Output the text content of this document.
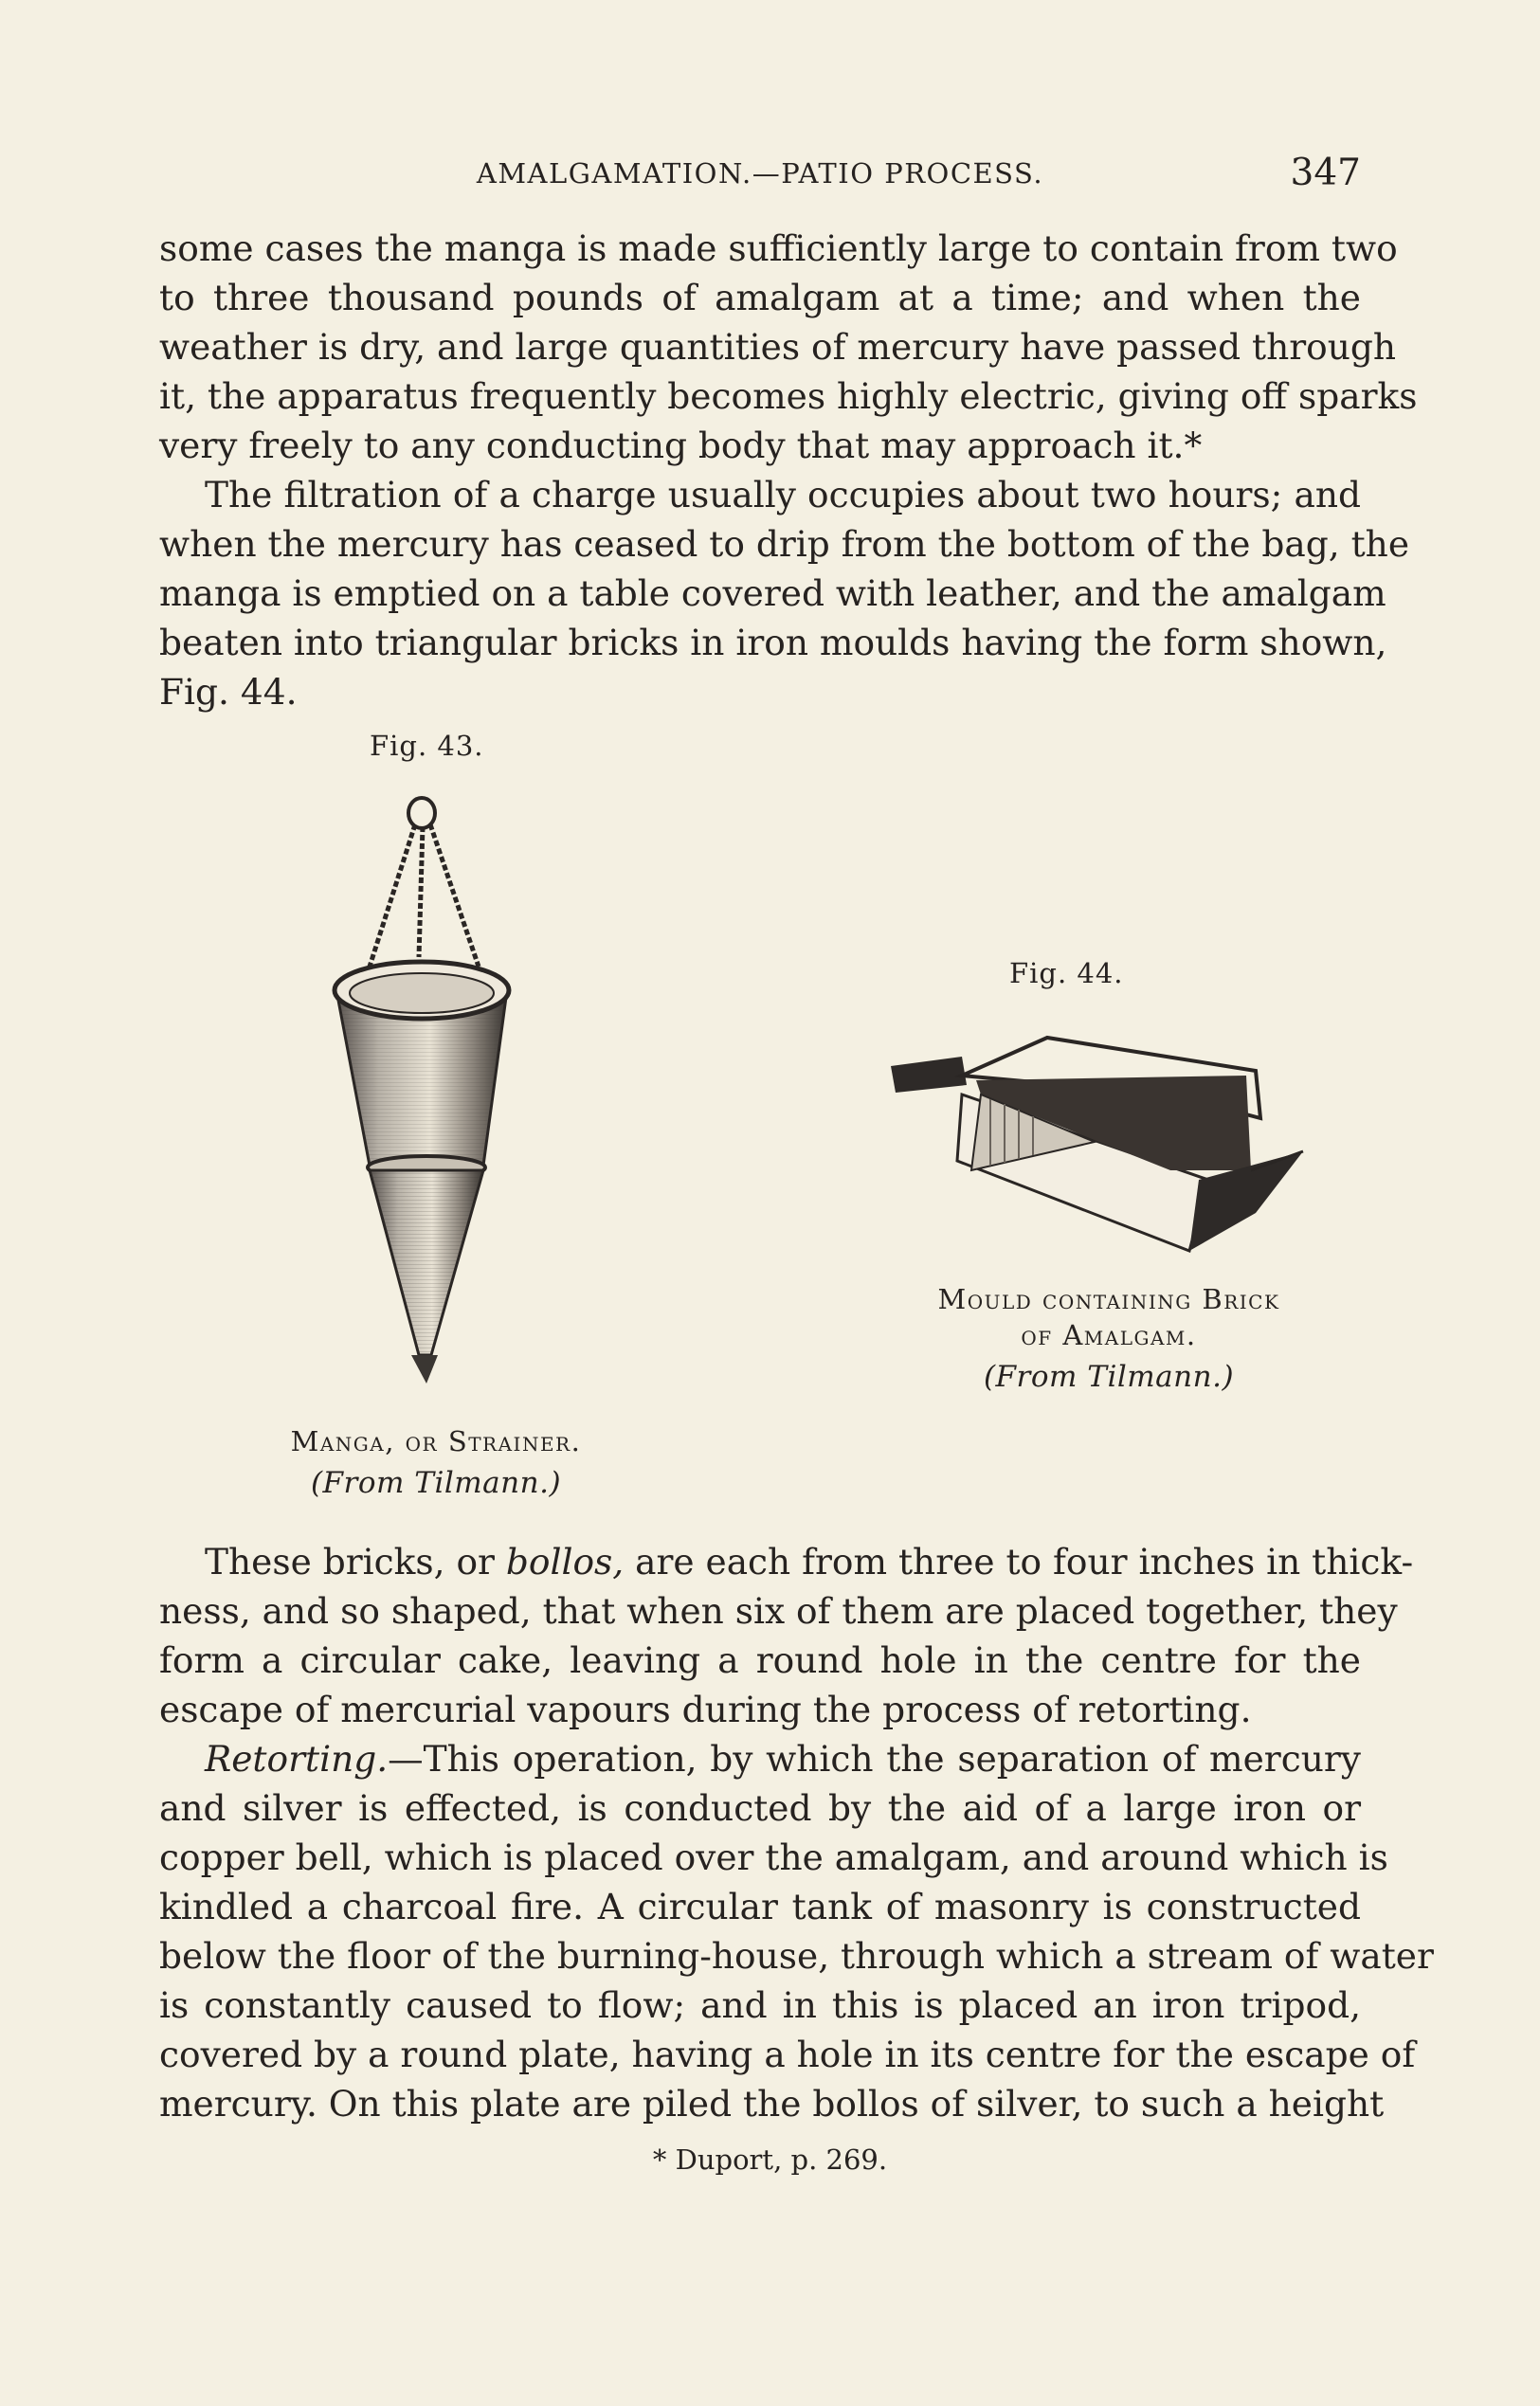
AMALGAMATION.—PATIO PROCESS.	347

some cases the manga is made sufficiently large to contain from two
to three thousand pounds of amalgam at a time; and when the
weather is dry, and large quantities of mercury have passed through
it, the apparatus frequently becomes highly electric, giving off sparks
very freely to any conducting body that may approach it.*

The filtration of a charge usually occupies about two hours; and
when the mercury has ceased to drip from the bottom of the bag, the
manga is emptied on a table covered with leather, and the amalgam
beaten into triangular bricks in iron moulds having the form shown,
Fig. 44.

Fig. 43.
Manga, or Strainer.
(From Tilmann.)
Fig. 44.
Mould containing Brick
of Amalgam.
(From Tilmann.)

These bricks, or bollos, are each from three to four inches in thick-
ness, and so shaped, that when six of them are placed together, they
form a circular cake, leaving a round hole in the centre for the
escape of mercurial vapours during the process of retorting.

Retorting.—This operation, by which the separation of mercury
and silver is effected, is conducted by the aid of a large iron or
copper bell, which is placed over the amalgam, and around which is
kindled a charcoal fire. A circular tank of masonry is constructed
below the floor of the burning-house, through which a stream of water
is constantly caused to flow; and in this is placed an iron tripod,
covered by a round plate, having a hole in its centre for the escape of
mercury. On this plate are piled the bollos of silver, to such a height

* Duport, p. 269.
